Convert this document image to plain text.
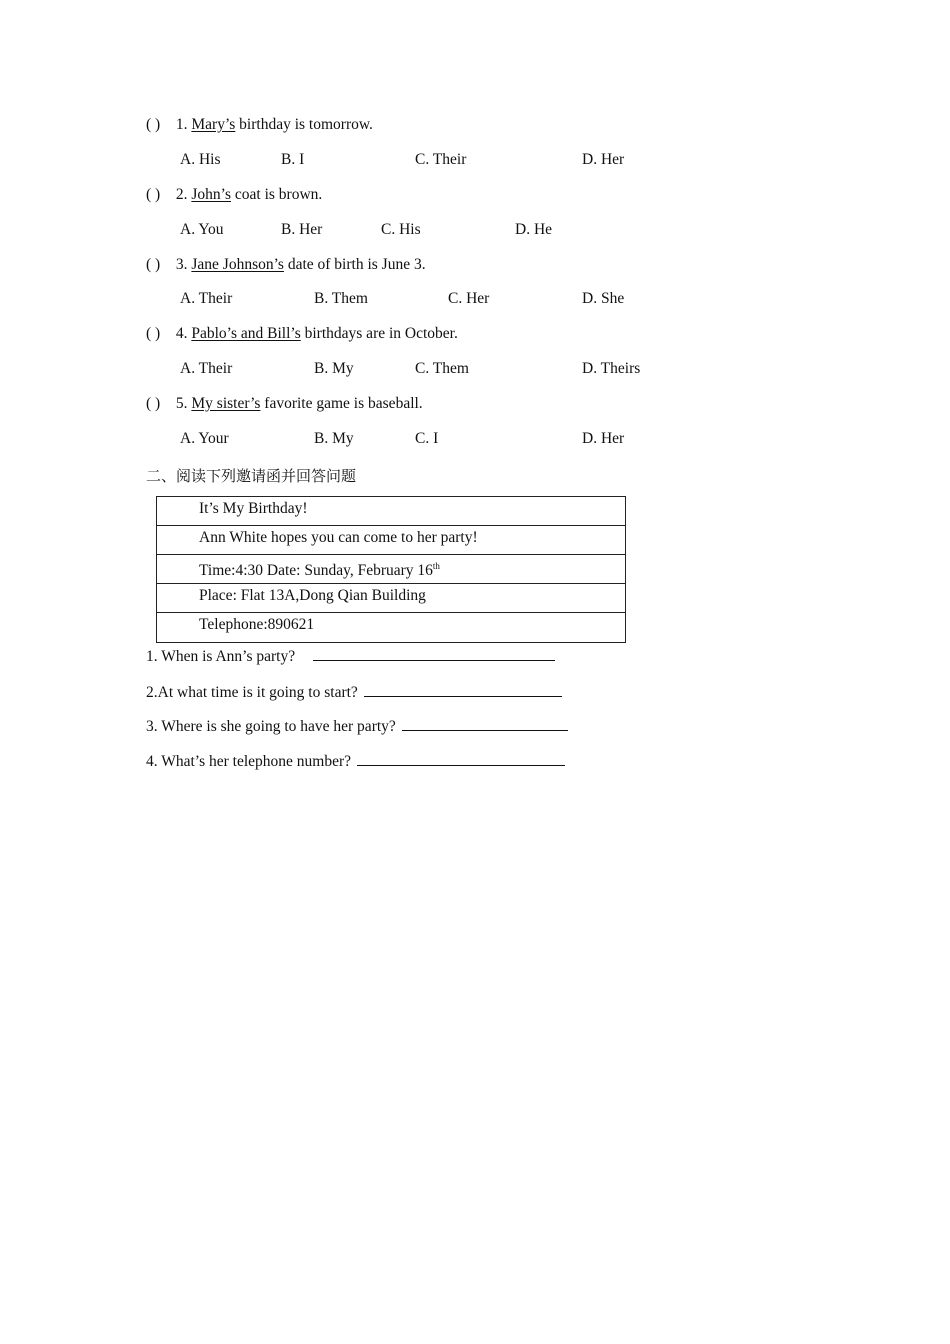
( ) 1. Mary’s birthday is tomorrow.
A. His	B. I	C. Their	D. Her
( ) 2. John’s coat is brown.
A. You	B. Her	C. His	D. He
( ) 3. Jane Johnson’s date of birth is June 3.
A. Their	B. Them	C. Her	D. She
( ) 4. Pablo’s and Bill’s birthdays are in October.
A. Their	B. My	C. Them	D. Theirs
( ) 5. My sister’s favorite game is baseball.
A. Your	B. My	C. I	D. Her
二、阅读下列邀请函并回答问题
It’s My Birthday!
Ann White hopes you can come to her party!
Time:4:30 Date: Sunday, February 16th
Place: Flat 13A,Dong Qian Building
Telephone:890621
1. When is Ann’s party?
2.At what time is it going to start?
3. Where is she going to have her party?
4. What’s her telephone number?
